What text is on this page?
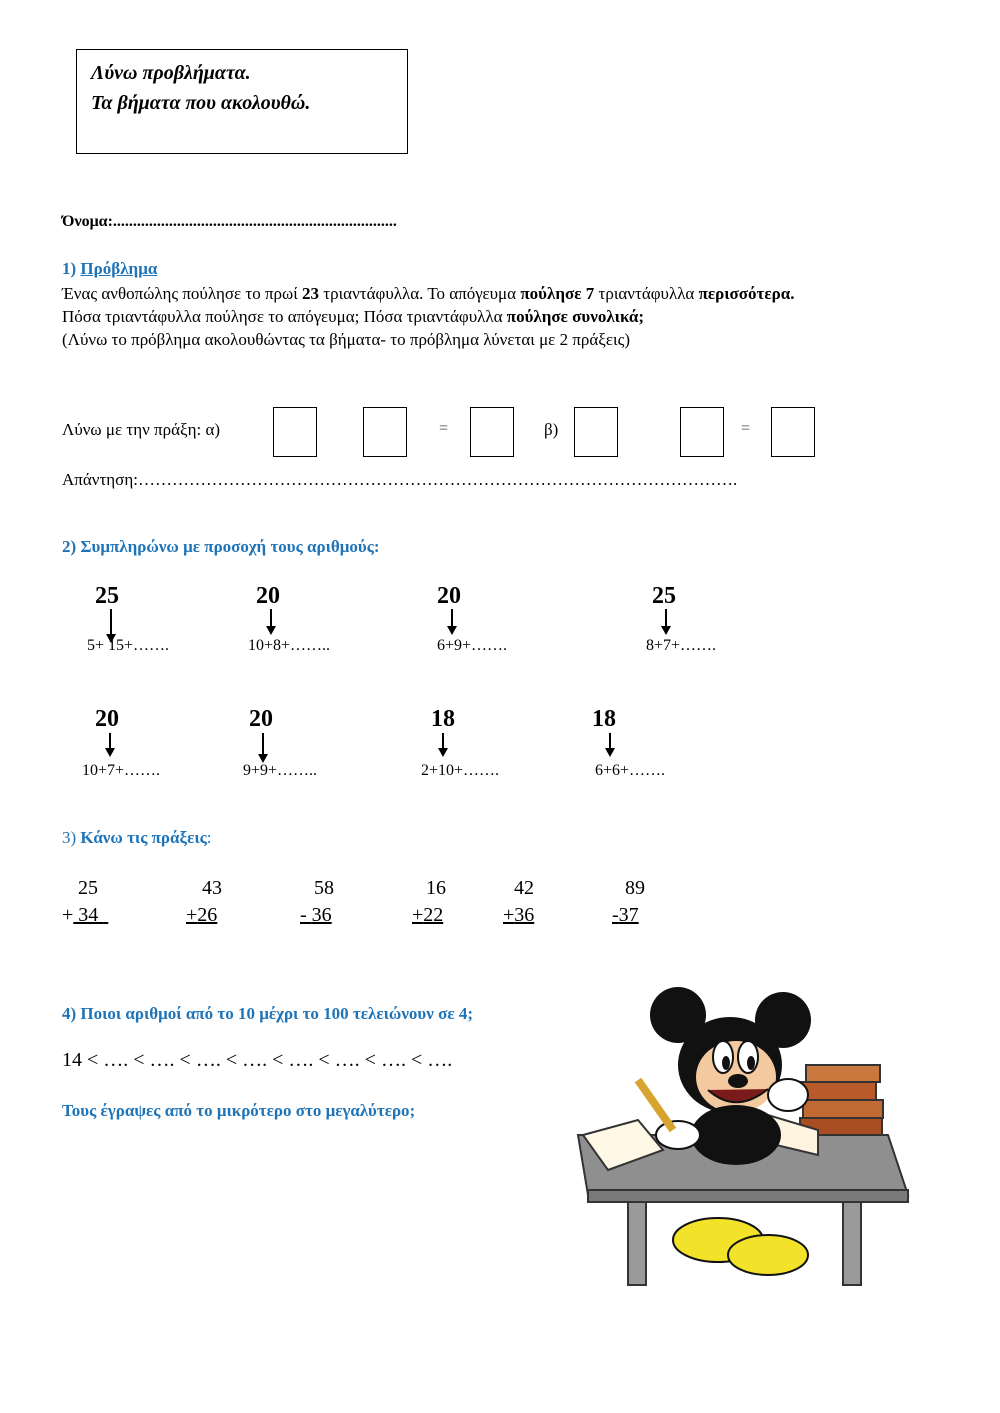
Λύνω προβλήματα.
Τα βήματα που ακολουθώ.
Όνομα:.......................................................................
1) Πρόβλημα
Ένας ανθοπώλης πούλησε το πρωί 23 τριαντάφυλλα. Το απόγευμα πούλησε 7 τριαντάφυλλα περισσότερα.
Πόσα τριαντάφυλλα πούλησε το απόγευμα; Πόσα τριαντάφυλλα πούλησε συνολικά;
(Λύνω το πρόβλημα ακολουθώντας τα βήματα- το πρόβλημα λύνεται με 2 πράξεις)
Λύνω με την πράξη: α)	=	β)	=
Απάντηση:…………………………………………………………………………………………….
2) Συμπληρώνω με προσοχή τους αριθμούς:
25
5+ 15+…….
20
10+8+……..
20
6+9+…….
25
8+7+…….
20
10+7+…….
20
9+9+……..
18
2+10+…….
18
6+6+…….
3) Κάνω τις πράξεις:
25
+ 34
43
+26
58
- 36
16
+22
42
+36
89
-37
4) Ποιοι αριθμοί από το 10 μέχρι το 100 τελειώνουν σε 4;
14 < …. < …. < …. < …. < …. < …. < …. < ….
Τους έγραψες από το μικρότερο στο μεγαλύτερο;
